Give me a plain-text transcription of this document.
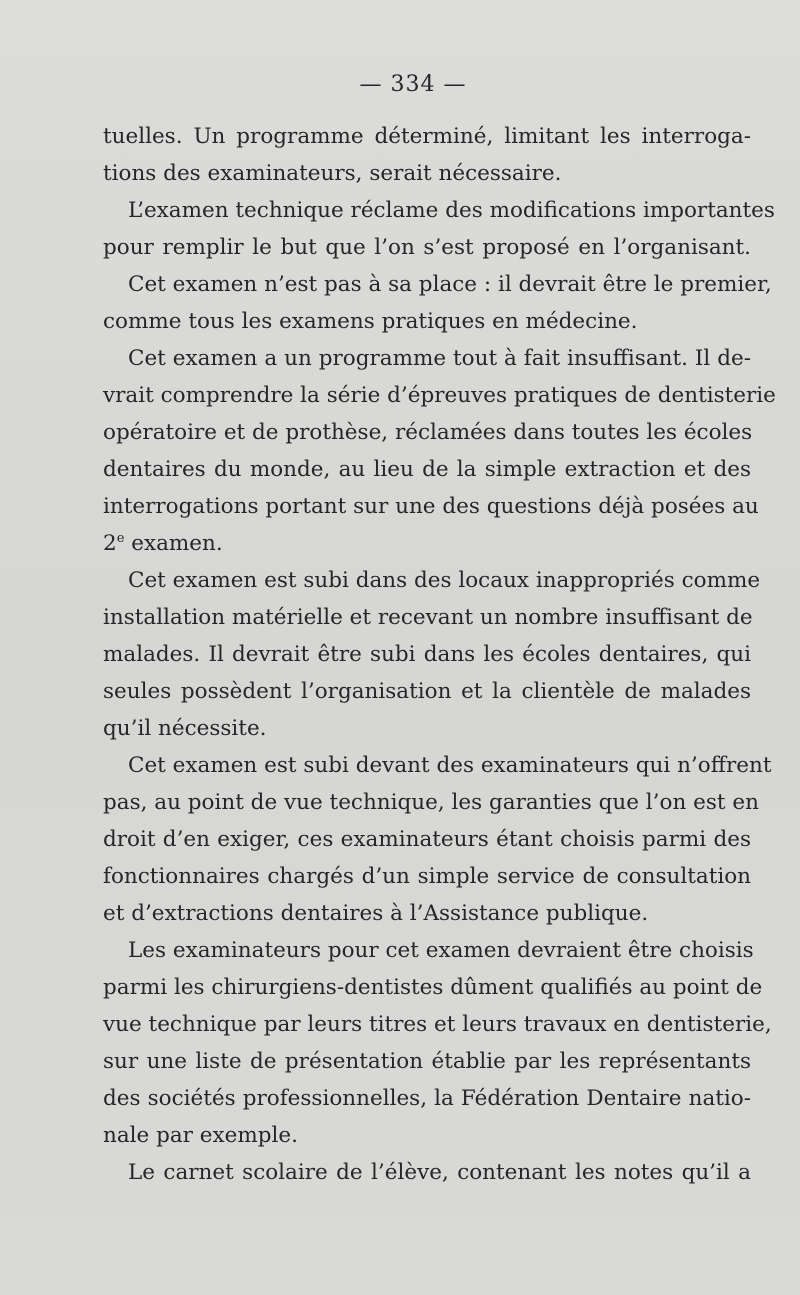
— 334 —
tuelles. Un programme déterminé, limitant les interroga-
tions des examinateurs, serait nécessaire.
L’examen technique réclame des modifications importantes
pour remplir le but que l’on s’est proposé en l’organisant.
Cet examen n’est pas à sa place : il devrait être le premier,
comme tous les examens pratiques en médecine.
Cet examen a un programme tout à fait insuffisant. Il de-
vrait comprendre la série d’épreuves pratiques de dentisterie
opératoire et de prothèse, réclamées dans toutes les écoles
dentaires du monde, au lieu de la simple extraction et des
interrogations portant sur une des questions déjà posées au
2e examen.
Cet examen est subi dans des locaux inappropriés comme
installation matérielle et recevant un nombre insuffisant de
malades. Il devrait être subi dans les écoles dentaires, qui
seules possèdent l’organisation et la clientèle de malades
qu’il nécessite.
Cet examen est subi devant des examinateurs qui n’offrent
pas, au point de vue technique, les garanties que l’on est en
droit d’en exiger, ces examinateurs étant choisis parmi des
fonctionnaires chargés d’un simple service de consultation
et d’extractions dentaires à l’Assistance publique.
Les examinateurs pour cet examen devraient être choisis
parmi les chirurgiens-dentistes dûment qualifiés au point de
vue technique par leurs titres et leurs travaux en dentisterie,
sur une liste de présentation établie par les représentants
des sociétés professionnelles, la Fédération Dentaire natio-
nale par exemple.
Le carnet scolaire de l’élève, contenant les notes qu’il a
